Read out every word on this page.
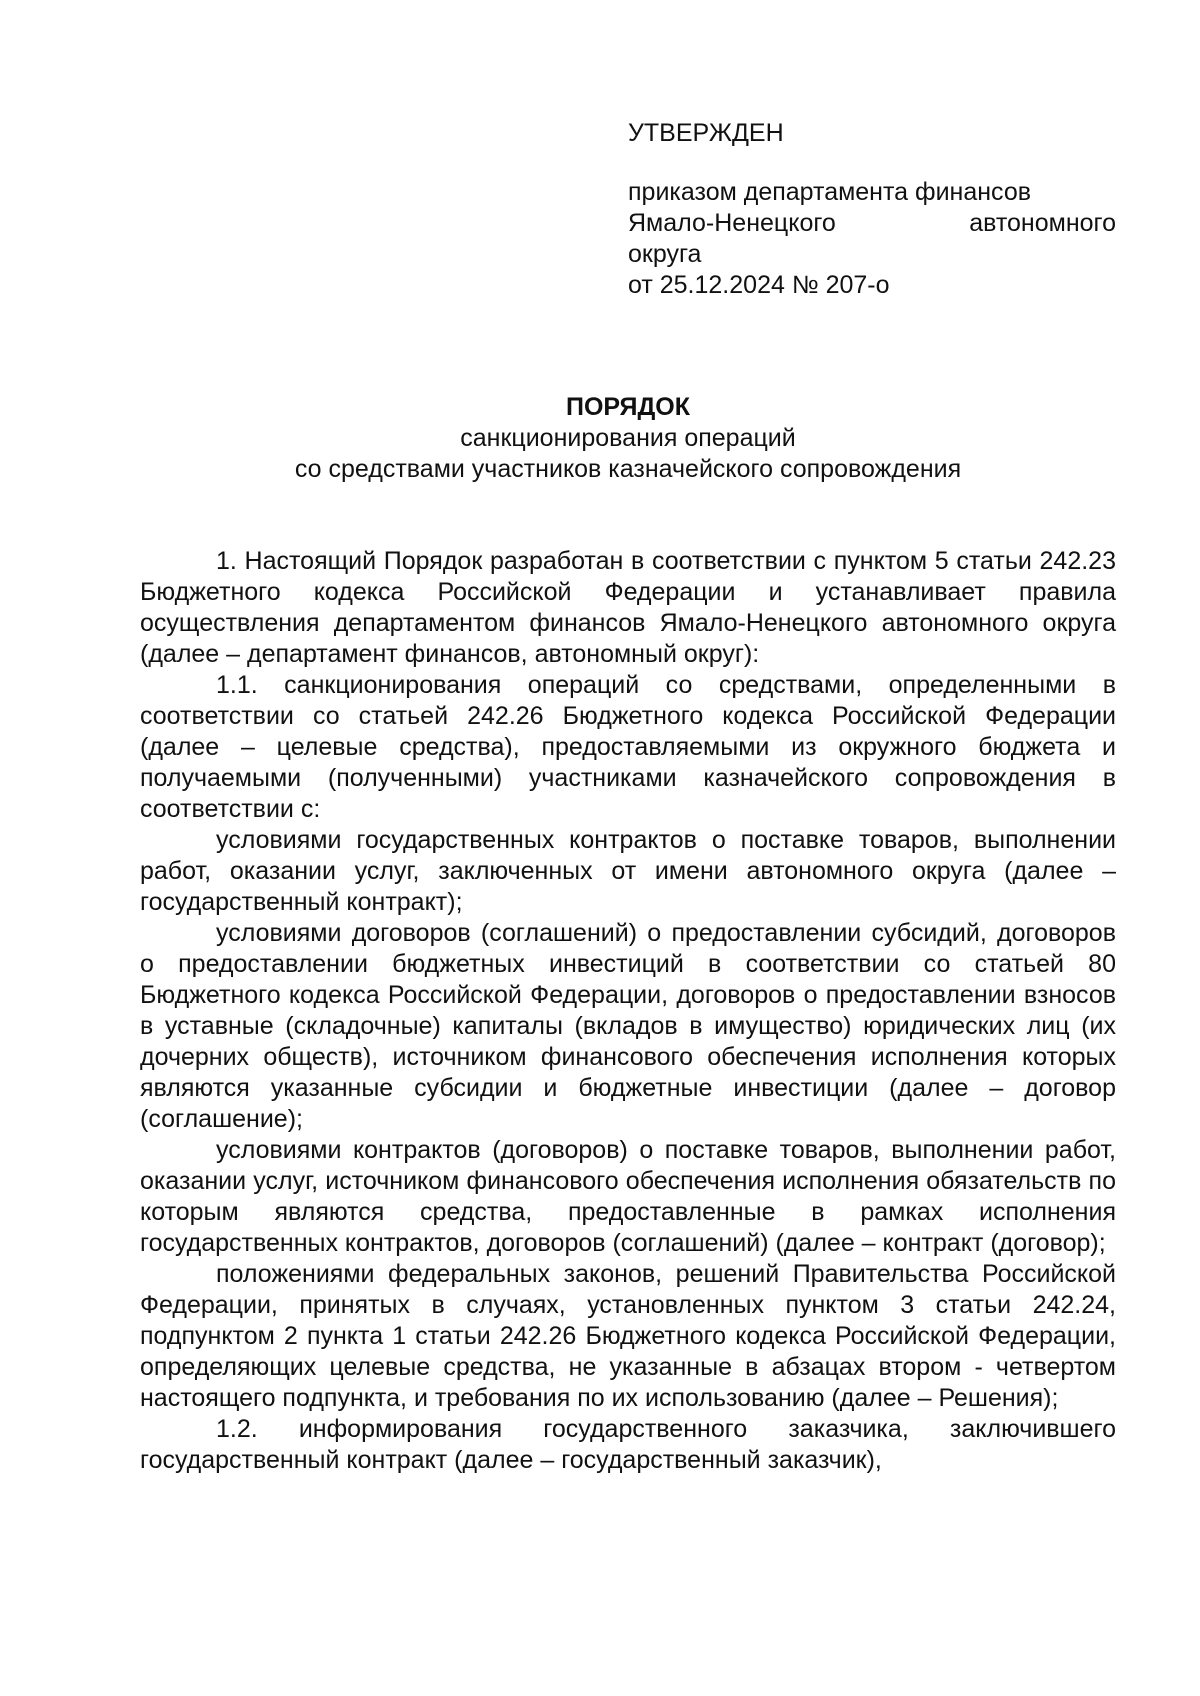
УТВЕРЖДЕН
приказом департамента финансов
Ямало-Ненецкого автономного
округа
от 25.12.2024 № 207-о
ПОРЯДОК
санкционирования операций
со средствами участников казначейского сопровождения

1. Настоящий Порядок разработан в соответствии с пунктом 5 статьи 242.23 Бюджетного кодекса Российской Федерации и устанавливает правила осуществления департаментом финансов Ямало-Ненецкого автономного округа (далее – департамент финансов, автономный округ):

1.1. санкционирования операций со средствами, определенными в соответствии со статьей 242.26 Бюджетного кодекса Российской Федерации (далее – целевые средства), предоставляемыми из окружного бюджета и получаемыми (полученными) участниками казначейского сопровождения в соответствии с:

условиями государственных контрактов о поставке товаров, выполнении работ, оказании услуг, заключенных от имени автономного округа (далее – государственный контракт);

условиями договоров (соглашений) о предоставлении субсидий, договоров о предоставлении бюджетных инвестиций в соответствии со статьей 80 Бюджетного кодекса Российской Федерации, договоров о предоставлении взносов в уставные (складочные) капиталы (вкладов в имущество) юридических лиц (их дочерних обществ), источником финансового обеспечения исполнения которых являются указанные субсидии и бюджетные инвестиции (далее – договор (соглашение);

условиями контрактов (договоров) о поставке товаров, выполнении работ, оказании услуг, источником финансового обеспечения исполнения обязательств по которым являются средства, предоставленные в рамках исполнения государственных контрактов, договоров (соглашений) (далее – контракт (договор);

положениями федеральных законов, решений Правительства Российской Федерации, принятых в случаях, установленных пунктом 3 статьи 242.24, подпунктом 2 пункта 1 статьи 242.26 Бюджетного кодекса Российской Федерации, определяющих целевые средства, не указанные в абзацах втором - четвертом настоящего подпункта, и требования по их использованию (далее – Решения);

1.2. информирования государственного заказчика, заключившего государственный контракт (далее – государственный заказчик),
